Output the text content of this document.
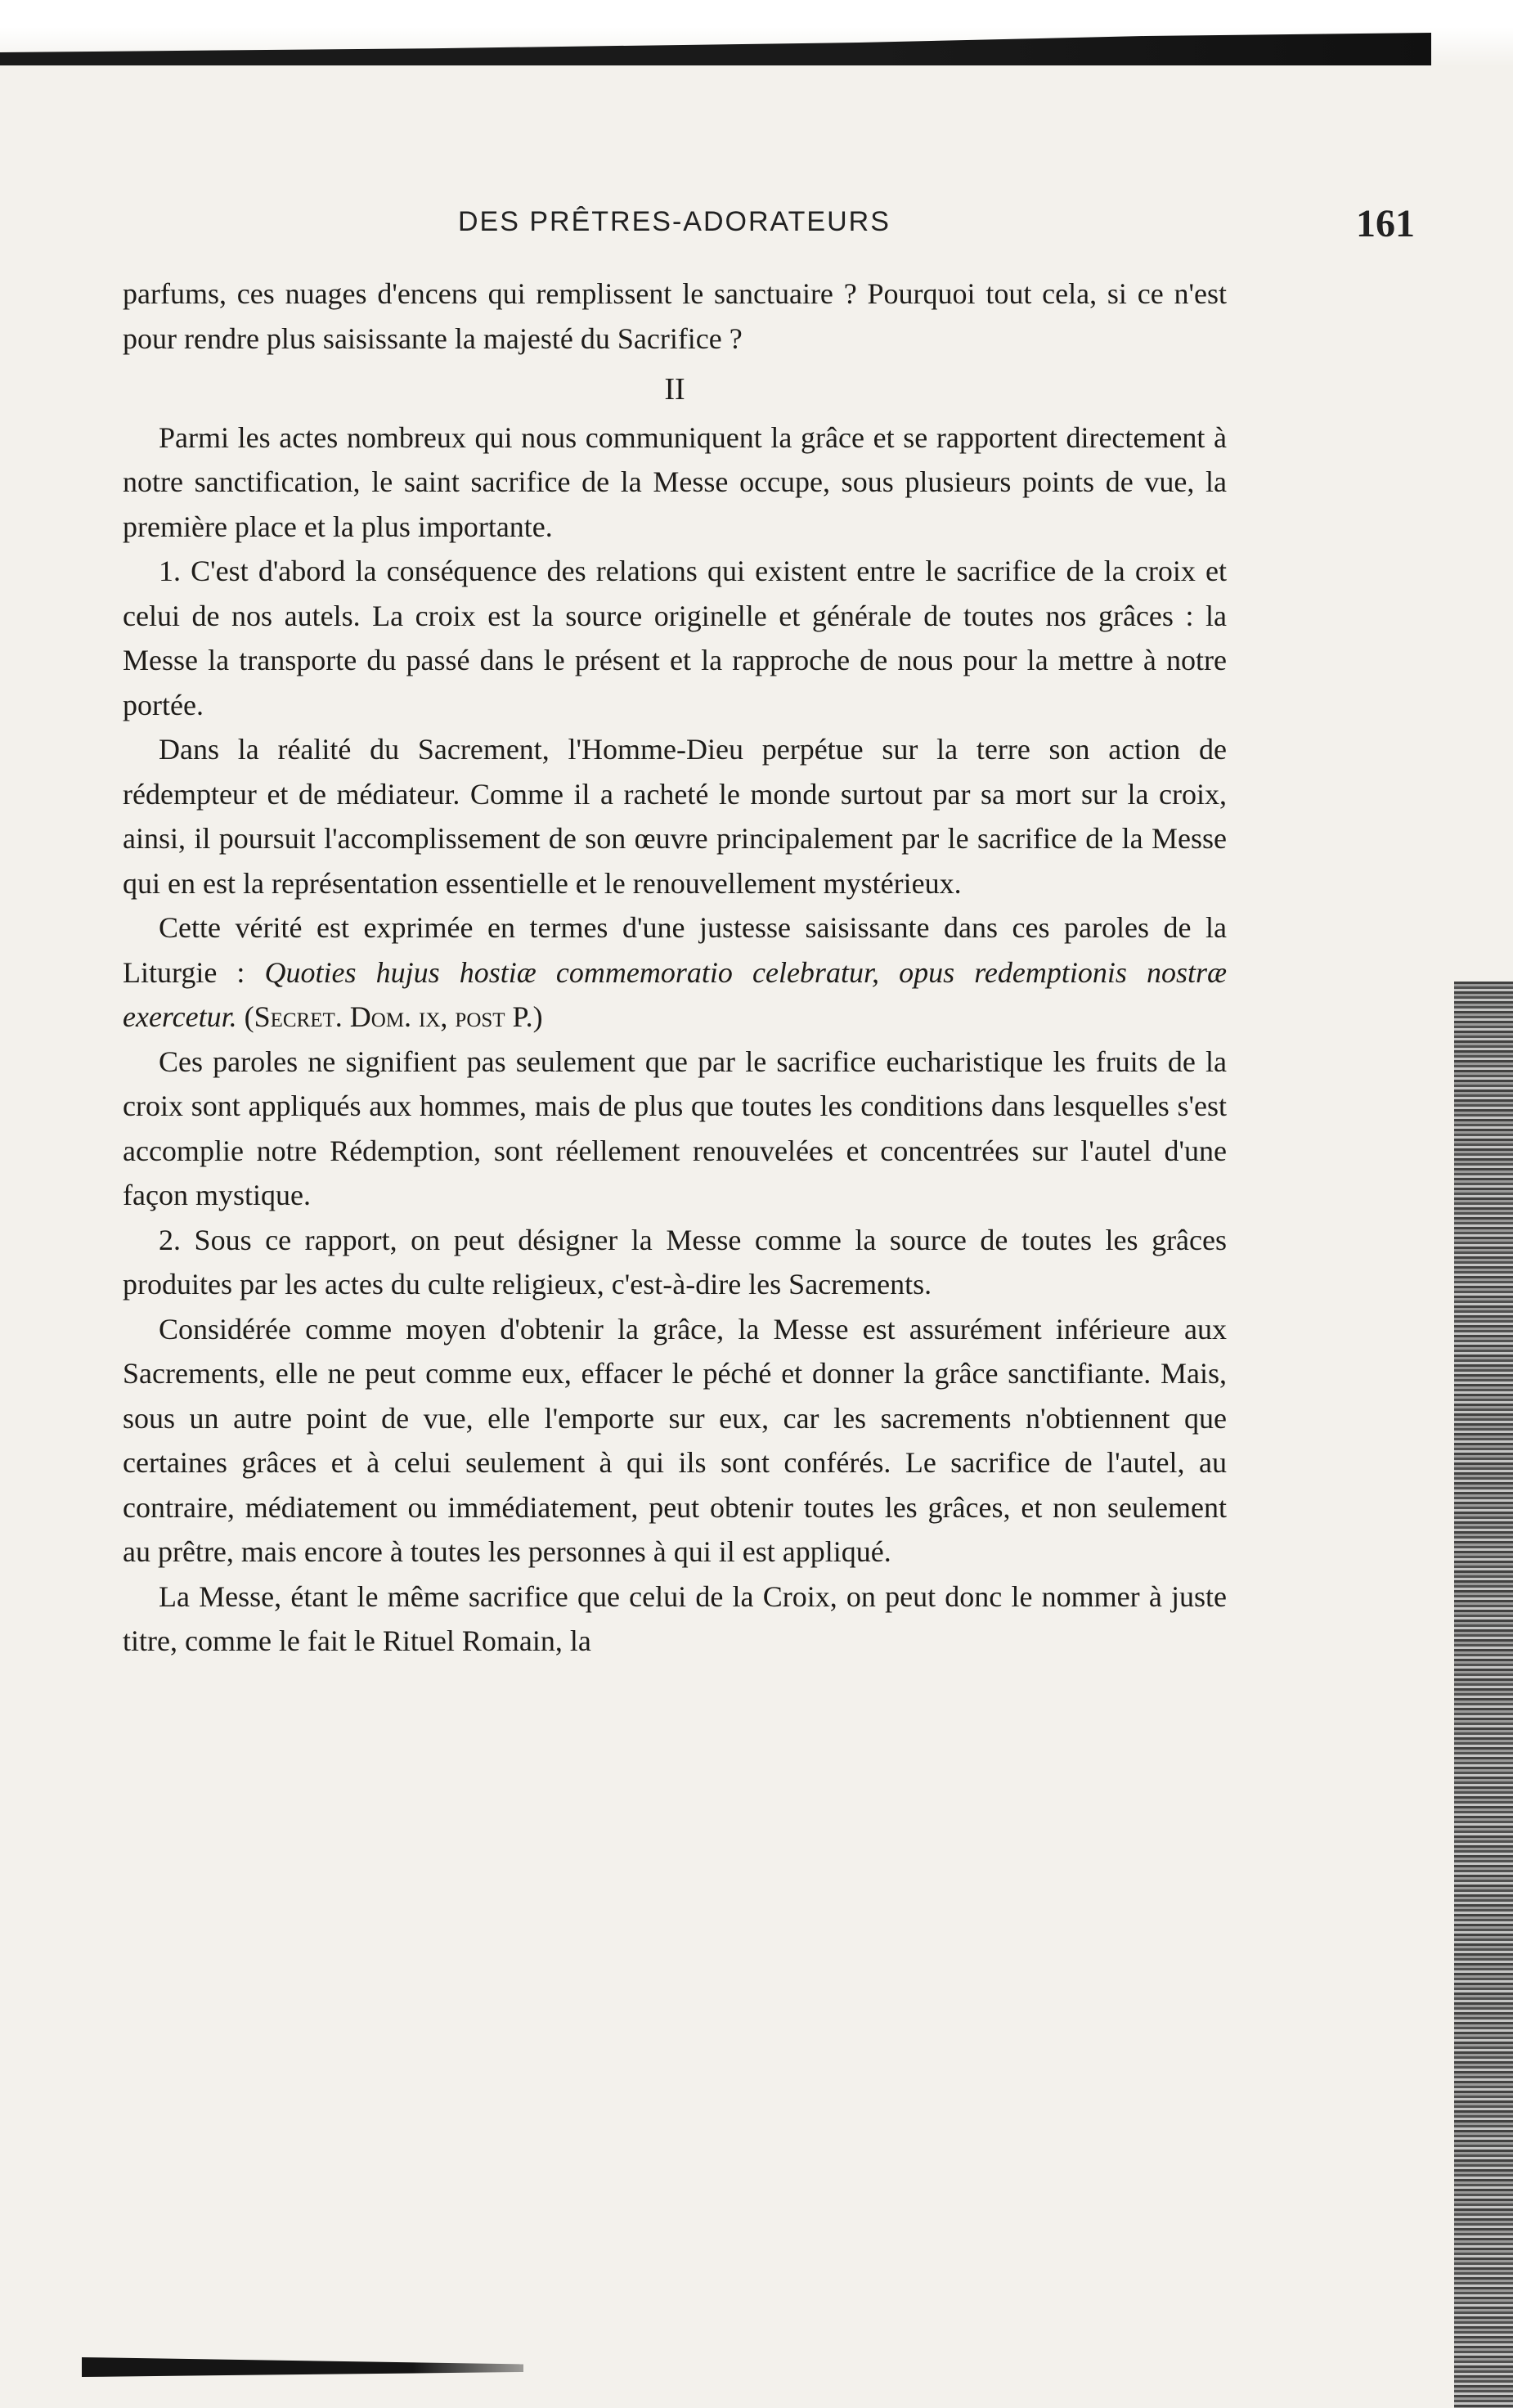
DES PRÊTRES-ADORATEURS	161

parfums, ces nuages d'encens qui remplissent le sanctuaire ? Pourquoi tout cela, si ce n'est pour rendre plus saisissante la majesté du Sacrifice ?

II

Parmi les actes nombreux qui nous communiquent la grâce et se rapportent directement à notre sanctification, le saint sacrifice de la Messe occupe, sous plusieurs points de vue, la première place et la plus importante.

1. C'est d'abord la conséquence des relations qui existent entre le sacrifice de la croix et celui de nos autels. La croix est la source originelle et générale de toutes nos grâces : la Messe la transporte du passé dans le présent et la rapproche de nous pour la mettre à notre portée.

Dans la réalité du Sacrement, l'Homme-Dieu perpétue sur la terre son action de rédempteur et de médiateur. Comme il a racheté le monde surtout par sa mort sur la croix, ainsi, il poursuit l'accomplissement de son œuvre principalement par le sacrifice de la Messe qui en est la représentation essentielle et le renouvellement mystérieux.

Cette vérité est exprimée en termes d'une justesse saisissante dans ces paroles de la Liturgie : Quoties hujus hostiæ commemoratio celebratur, opus redemptionis nostræ exercetur. (Secret. Dom. ix, post P.)

Ces paroles ne signifient pas seulement que par le sacrifice eucharistique les fruits de la croix sont appliqués aux hommes, mais de plus que toutes les conditions dans lesquelles s'est accomplie notre Rédemption, sont réellement renouvelées et concentrées sur l'autel d'une façon mystique.

2. Sous ce rapport, on peut désigner la Messe comme la source de toutes les grâces produites par les actes du culte religieux, c'est-à-dire les Sacrements.

Considérée comme moyen d'obtenir la grâce, la Messe est assurément inférieure aux Sacrements, elle ne peut comme eux, effacer le péché et donner la grâce sanctifiante. Mais, sous un autre point de vue, elle l'emporte sur eux, car les sacrements n'obtiennent que certaines grâces et à celui seulement à qui ils sont conférés. Le sacrifice de l'autel, au contraire, médiatement ou immédiatement, peut obtenir toutes les grâces, et non seulement au prêtre, mais encore à toutes les personnes à qui il est appliqué.

La Messe, étant le même sacrifice que celui de la Croix, on peut donc le nommer à juste titre, comme le fait le Rituel Romain, la
